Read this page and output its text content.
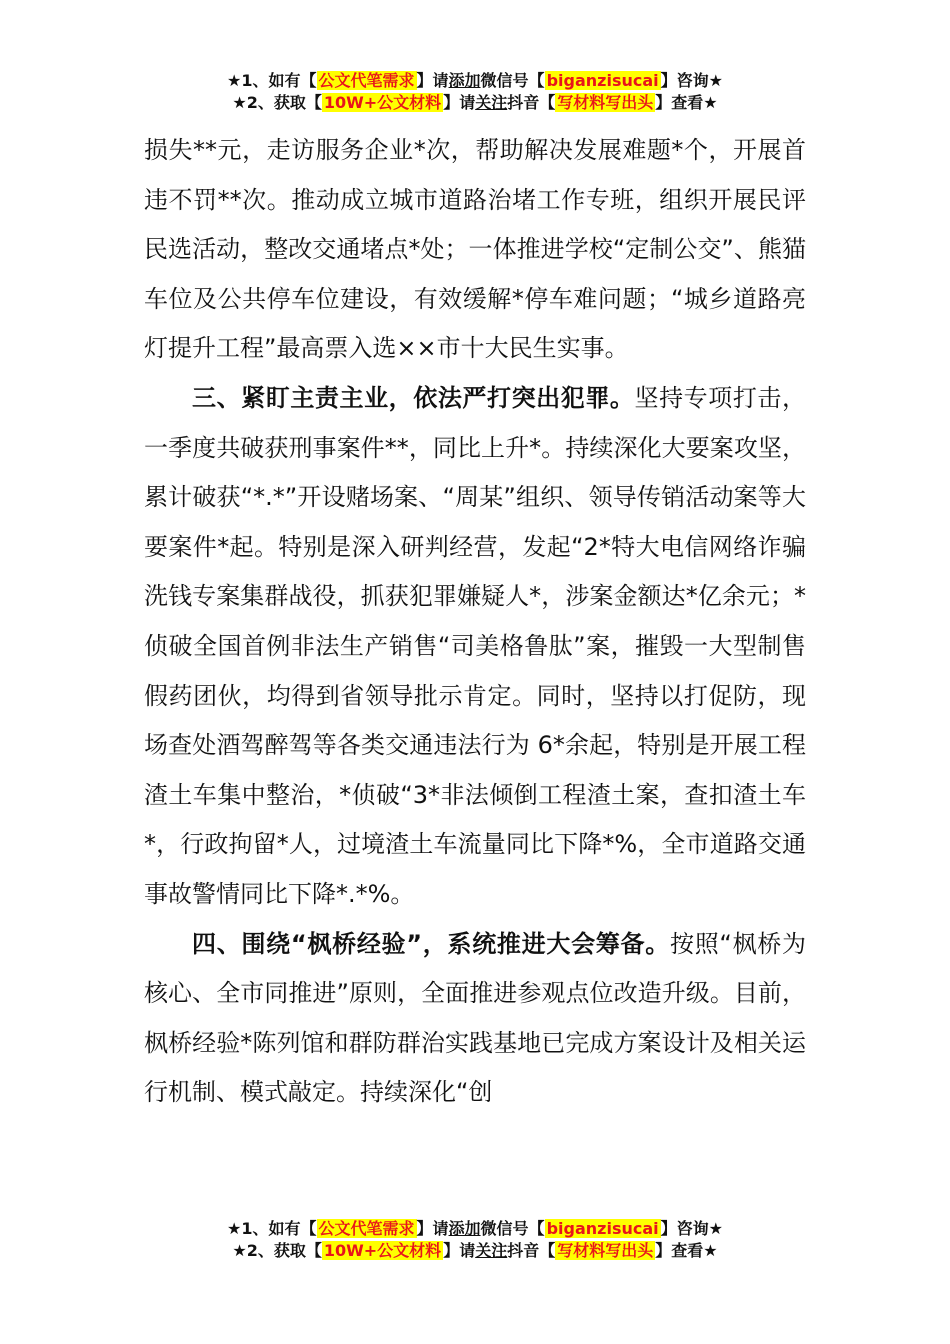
★1、如有【 公文代笔需求 】请添加微信号【 biganzisucai 】咨询★
★2、获取【 10W+公文材料 】请关注抖音【 写材料写出头 】查看★

损失**元，走访服务企业*次，帮助解决发展难题*个，开展首违不罚**次。推动成立城市道路治堵工作专班，组织开展民评民选活动，整改交通堵点*处；一体推进学校“定制公交”、熊猫车位及公共停车位建设，有效缓解*停车难问题；“城乡道路亮灯提升工程”最高票入选××市十大民生实事。

三、紧盯主责主业，依法严打突出犯罪。坚持专项打击，一季度共破获刑事案件**，同比上升*。持续深化大要案攻坚，累计破获“*.*”开设赌场案、“周某”组织、领导传销活动案等大要案件*起。特别是深入研判经营，发起“2*特大电信网络诈骗洗钱专案集群战役，抓获犯罪嫌疑人*，涉案金额达*亿余元；*侦破全国首例非法生产销售“司美格鲁肽”案，摧毁一大型制售假药团伙，均得到省领导批示肯定。同时，坚持以打促防，现场查处酒驾醉驾等各类交通违法行为 6*余起，特别是开展工程渣土车集中整治，*侦破“3*非法倾倒工程渣土案，查扣渣土车*，行政拘留*人，过境渣土车流量同比下降*%，全市道路交通事故警情同比下降*.*%。

四、围绕“枫桥经验”，系统推进大会筹备。按照“枫桥为核心、全市同推进”原则，全面推进参观点位改造升级。目前，枫桥经验*陈列馆和群防群治实践基地已完成方案设计及相关运行机制、模式敲定。持续深化“创

★1、如有【 公文代笔需求 】请添加微信号【 biganzisucai 】咨询★
★2、获取【 10W+公文材料 】请关注抖音【 写材料写出头 】查看★
